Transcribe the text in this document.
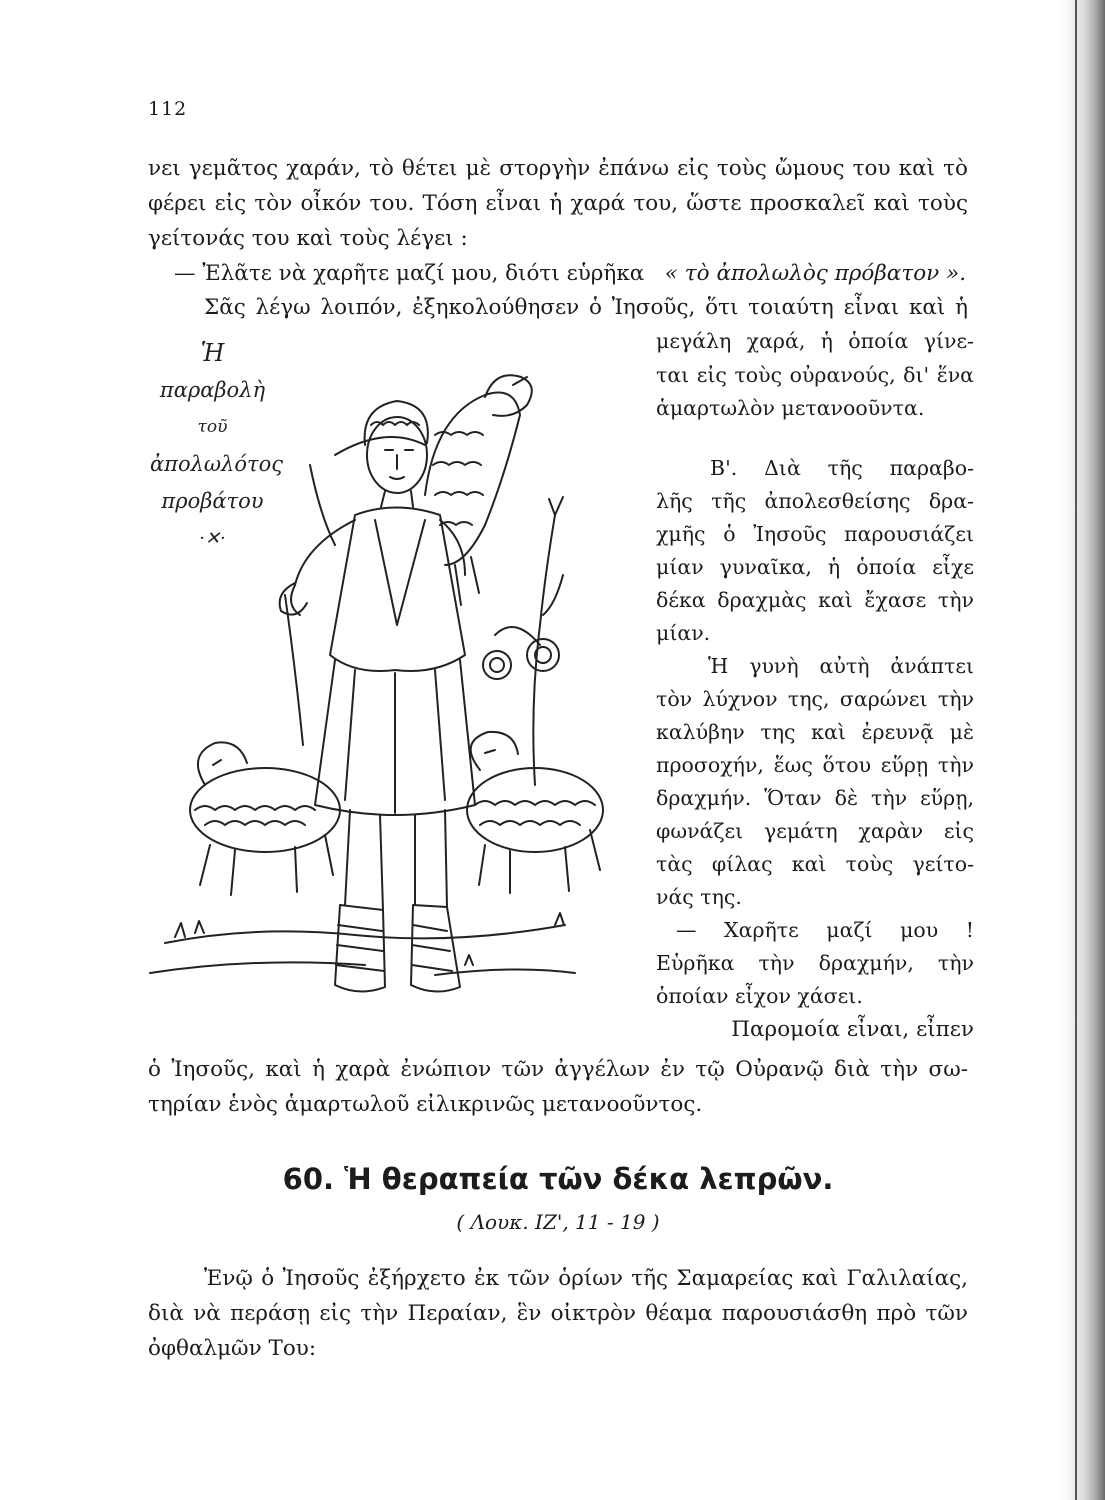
112

νει γεμᾶτος χαράν, τὸ θέτει μὲ στοργὴν ἐπάνω εἰς τοὺς ὤμους του καὶ τὸ

φέρει εἰς τὸν οἶκόν του. Τόση εἶναι ἡ χαρά του, ὥστε προσκαλεῖ καὶ τοὺς

γείτονάς του καὶ τοὺς λέγει :

— Ἐλᾶτε νὰ χαρῆτε μαζί μου, διότι εὑρῆκα « τὸ ἀπολωλὸς πρόβατον ».

Σᾶς λέγω λοιπόν, ἐξηκολούθησεν ὁ Ἰησοῦς, ὅτι τοιαύτη εἶναι καὶ ἡ

μεγάλη χαρά, ἡ ὁποία γίνε-

ται εἰς τοὺς οὐρανούς, δι' ἕνα

ἁμαρτωλὸν μετανοοῦντα.

Β'. Διὰ τῆς παραβο-

λῆς τῆς ἀπολεσθείσης δρα-

χμῆς ὁ Ἰησοῦς παρουσιάζει

μίαν γυναῖκα, ἡ ὁποία εἶχε

δέκα δραχμὰς καὶ ἔχασε τὴν

μίαν.

Ἡ γυνὴ αὐτὴ ἀνάπτει

τὸν λύχνον της, σαρώνει τὴν

καλύβην της καὶ ἐρευνᾷ μὲ

προσοχήν, ἕως ὅτου εὕρῃ τὴν

δραχμήν. Ὅταν δὲ τὴν εὕρῃ,

φωνάζει γεμάτη χαρὰν εἰς

τὰς φίλας καὶ τοὺς γείτο-

νάς της.

— Χαρῆτε μαζί μου !

Εὑρῆκα τὴν δραχμήν, τὴν

ὁποίαν εἶχον χάσει.

Παρομοία εἶναι, εἶπεν

ὁ Ἰησοῦς, καὶ ἡ χαρὰ ἐνώπιον τῶν ἀγγέλων ἐν τῷ Οὐρανῷ διὰ τὴν σω-

τηρίαν ἑνὸς ἁμαρτωλοῦ εἰλικρινῶς μετανοοῦντος.

60. Ἡ θεραπεία τῶν δέκα λεπρῶν.
( Λουκ. ΙΖ', 11 - 19 )

Ἐνῷ ὁ Ἰησοῦς ἐξήρχετο ἐκ τῶν ὁρίων τῆς Σαμαρείας καὶ Γαλιλαίας,

διὰ νὰ περάσῃ εἰς τὴν Περαίαν, ἓν οἰκτρὸν θέαμα παρουσιάσθη πρὸ τῶν

ὀφθαλμῶν Του:

Ἡ
παραβολὴ
τοῦ
ἀπολωλότος
προβάτου
·✕·
